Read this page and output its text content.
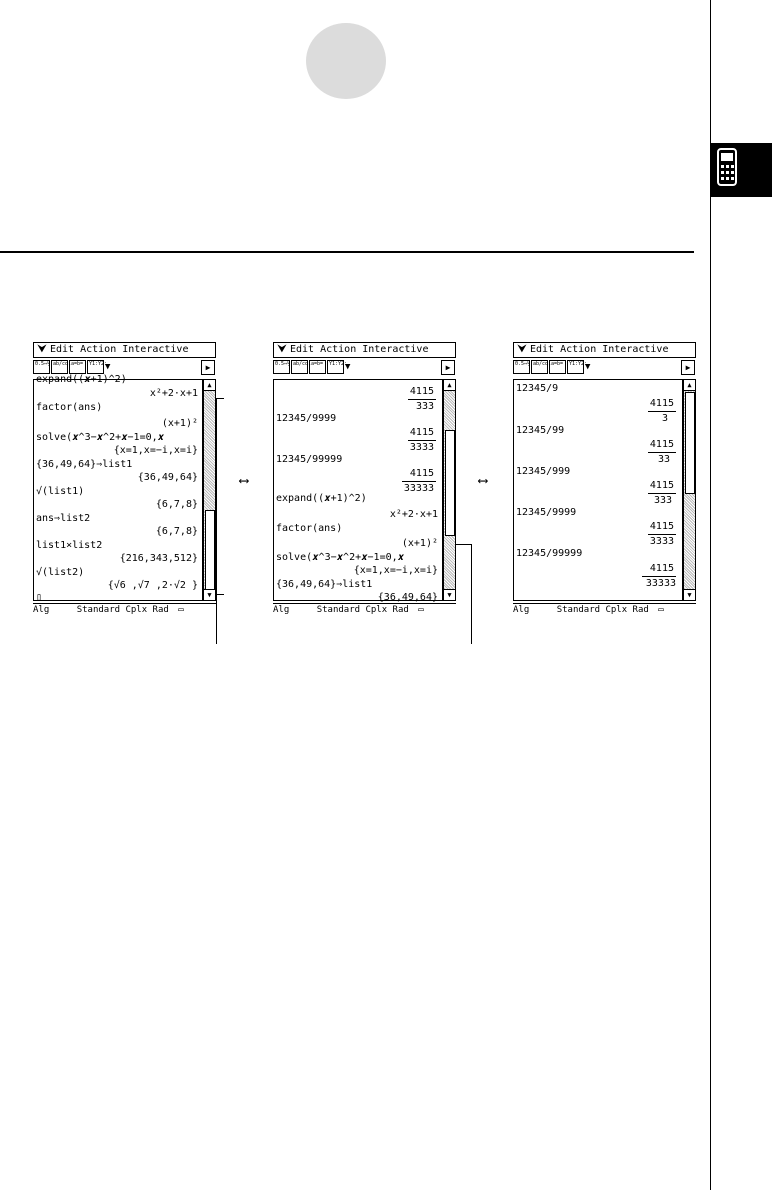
⮟ Edit Action Interactive
0.5⇔½ ab/cd↓ a=b=	Y1:Y2:
▼	▶
expand((𝒙+1)^2)
x²+2·x+1
factor(ans)
(x+1)²
solve(𝒙^3−𝒙^2+𝒙−1=0,𝒙
{x=1,x=−i,x=i}
{36,49,64}⇒list1
{36,49,64}
√(list1)
{6,7,8}
ans⇒list2
{6,7,8}
list1×list2
{216,343,512}
√(list2)
{√6 ,√7 ,2·√2 }
▯
▲
▼
Alg	Standard Cplx Rad ▭
⮟ Edit Action Interactive
0.5⇔½ ab/cd↓ a=b=	Y1:Y2:
▼	▶
4115
333
12345/9999
4115
3333
12345/99999
4115
33333
expand((𝒙+1)^2)
x²+2·x+1
factor(ans)
(x+1)²
solve(𝒙^3−𝒙^2+𝒙−1=0,𝒙
{x=1,x=−i,x=i}
{36,49,64}⇒list1
{36,49,64}
▲
▼
Alg	Standard Cplx Rad ▭
⮟ Edit Action Interactive
0.5⇔½ ab/cd↓ a=b=	Y1:Y2:
▼	▶
12345/9
4115
3
12345/99
4115
33
12345/999
4115
333
12345/9999
4115
3333
12345/99999
4115
33333
▲
▼
Alg	Standard Cplx Rad ▭
⟷	⟷
